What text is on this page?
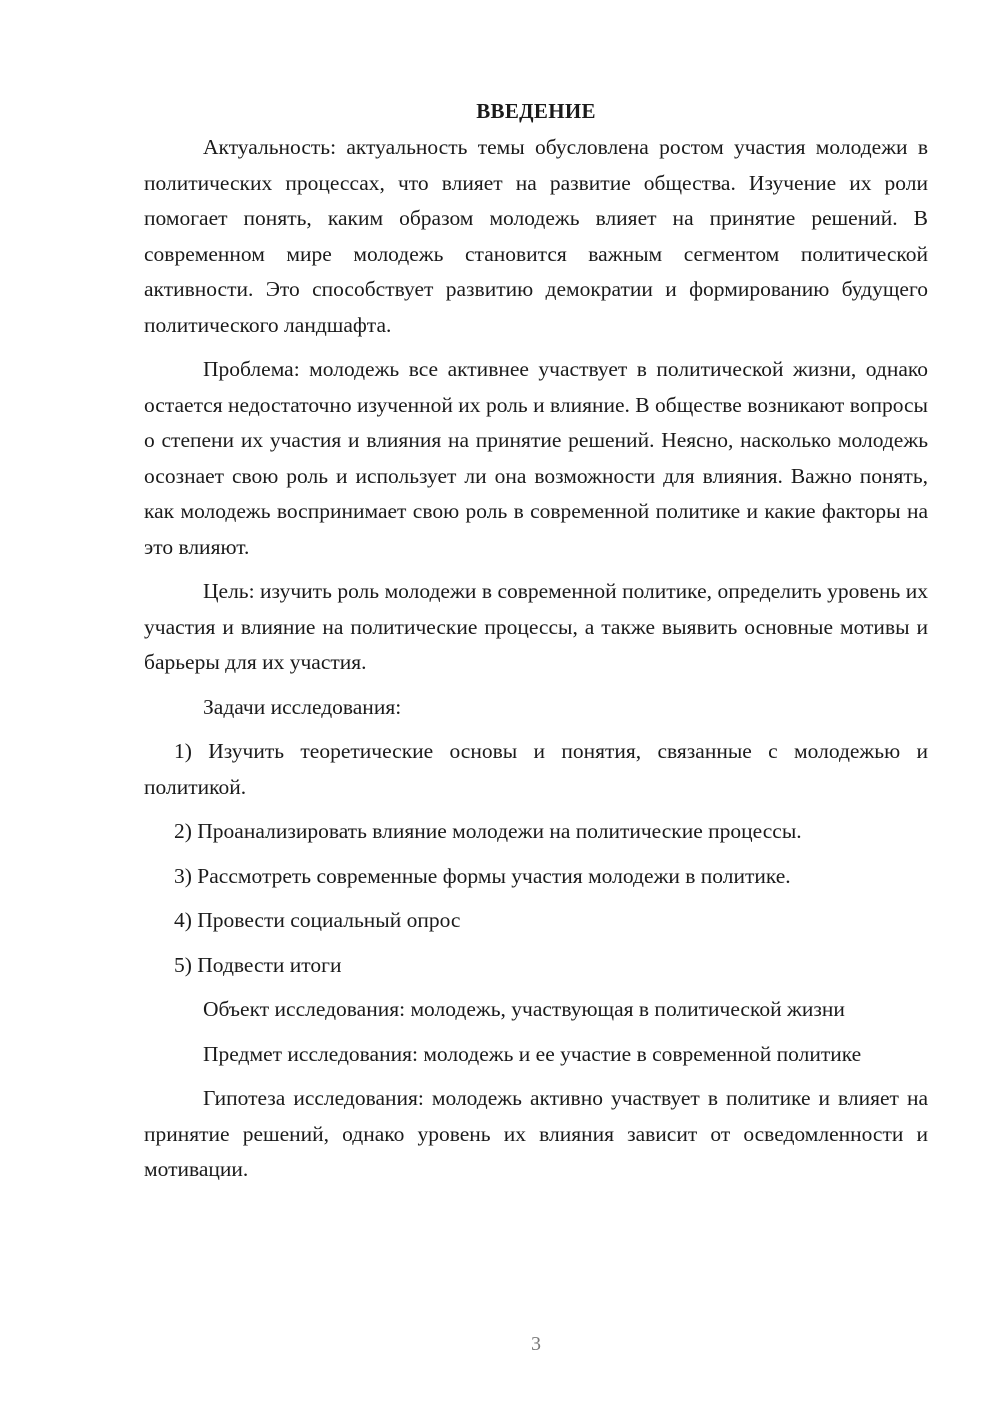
ВВЕДЕНИЕ

Актуальность: актуальность темы обусловлена ростом участия молодежи в политических процессах, что влияет на развитие общества. Изучение их роли помогает понять, каким образом молодежь влияет на принятие решений. В современном мире молодежь становится важным сегментом политической активности. Это способствует развитию демократии и формированию будущего политического ландшафта.

Проблема: молодежь все активнее участвует в политической жизни, однако остается недостаточно изученной их роль и влияние. В обществе возникают вопросы о степени их участия и влияния на принятие решений. Неясно, насколько молодежь осознает свою роль и использует ли она возможности для влияния. Важно понять, как молодежь воспринимает свою роль в современной политике и какие факторы на это влияют.

Цель: изучить роль молодежи в современной политике, определить уровень их участия и влияние на политические процессы, а также выявить основные мотивы и барьеры для их участия.

Задачи исследования:

1) Изучить теоретические основы и понятия, связанные с молодежью и политикой.

2) Проанализировать влияние молодежи на политические процессы.

3) Рассмотреть современные формы участия молодежи в политике.

4) Провести социальный опрос

5) Подвести итоги

Объект исследования: молодежь, участвующая в политической жизни

Предмет исследования: молодежь и ее участие в современной политике

Гипотеза исследования: молодежь активно участвует в политике и влияет на принятие решений, однако уровень их влияния зависит от осведомленности и мотивации.

3
